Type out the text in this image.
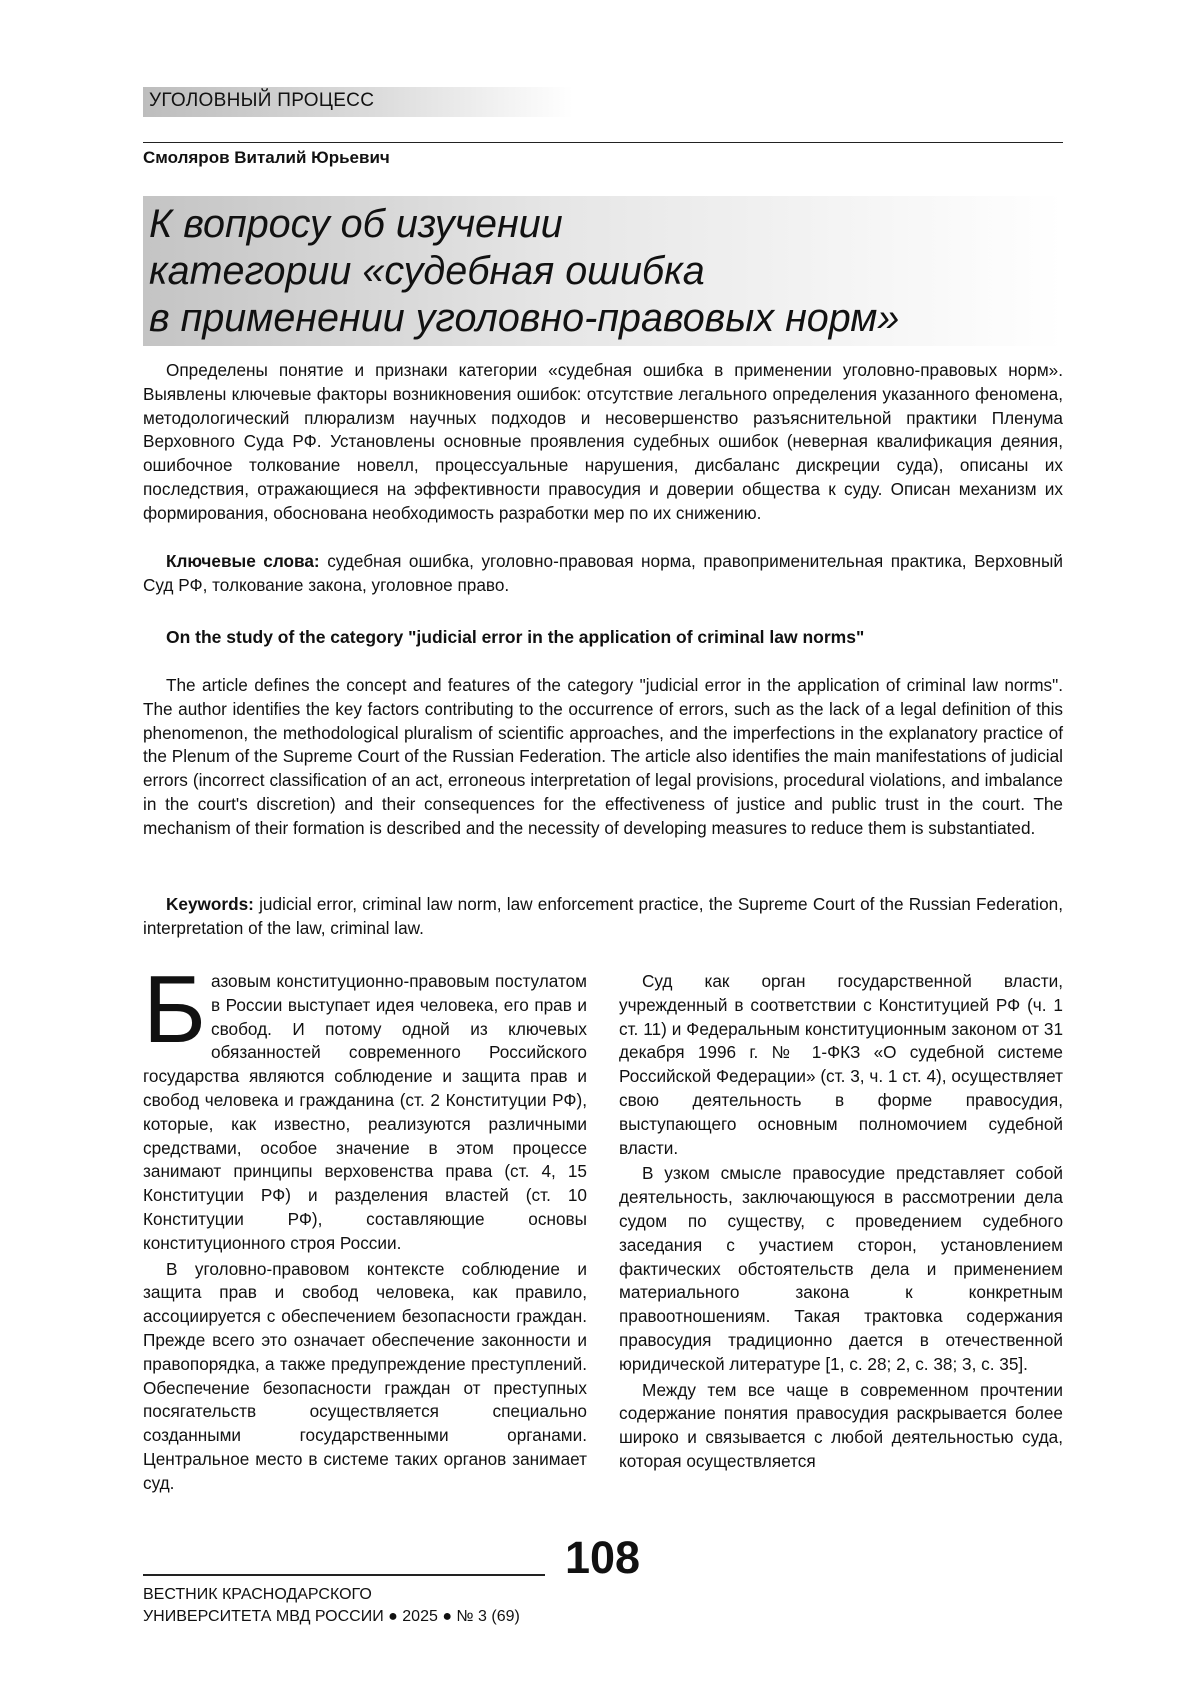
УГОЛОВНЫЙ ПРОЦЕСС
Смоляров Виталий Юрьевич
К вопросу об изучении
категории «судебная ошибка
в применении уголовно-правовых норм»

Определены понятие и признаки категории «судебная ошибка в применении уголовно-правовых норм». Выявлены ключевые факторы возникновения ошибок: отсутствие легального определения указанного феномена, методологический плюрализм научных подходов и несовершенство разъяснительной практики Пленума Верховного Суда РФ. Установлены основные проявления судебных ошибок (неверная квалификация деяния, ошибочное толкование новелл, процессуальные нарушения, дисбаланс дискреции суда), описаны их последствия, отражающиеся на эффективности правосудия и доверии общества к суду. Описан механизм их формирования, обоснована необходимость разработки мер по их снижению.

Ключевые слова: судебная ошибка, уголовно-правовая норма, правоприменительная практика, Верховный Суд РФ, толкование закона, уголовное право.

On the study of the category "judicial error in the application of criminal law norms"

The article defines the concept and features of the category "judicial error in the application of criminal law norms". The author identifies the key factors contributing to the occurrence of errors, such as the lack of a legal definition of this phenomenon, the methodological pluralism of scientific approaches, and the imperfections in the explanatory practice of the Plenum of the Supreme Court of the Russian Federation. The article also identifies the main manifestations of judicial errors (incorrect classification of an act, erroneous interpretation of legal provisions, procedural violations, and imbalance in the court's discretion) and their consequences for the effectiveness of justice and public trust in the court. The mechanism of their formation is described and the necessity of developing measures to reduce them is substantiated.

Keywords: judicial error, criminal law norm, law enforcement practice, the Supreme Court of the Russian Federation, interpretation of the law, criminal law.

Базовым конституционно-правовым постулатом в России выступает идея человека, его прав и свобод. И потому одной из ключевых обязанностей современного Российского государства являются соблюдение и защита прав и свобод человека и гражданина (ст. 2 Конституции РФ), которые, как известно, реализуются различными средствами, особое значение в этом процессе занимают принципы верховенства права (ст. 4, 15 Конституции РФ) и разделения властей (ст. 10 Конституции РФ), составляющие основы конституционного строя России.

В уголовно-правовом контексте соблюдение и защита прав и свобод человека, как правило, ассоциируется с обеспечением безопасности граждан. Прежде всего это означает обеспечение законности и правопорядка, а также предупреждение преступлений. Обеспечение безопасности граждан от преступных посягательств осуществляется специально созданными государственными органами. Центральное место в системе таких органов занимает суд.

Суд как орган государственной власти, учрежденный в соответствии с Конституцией РФ (ч. 1 ст. 11) и Федеральным конституционным законом от 31 декабря 1996 г. № 1-ФКЗ «О судебной системе Российской Федерации» (ст. 3, ч. 1 ст. 4), осуществляет свою деятельность в форме правосудия, выступающего основным полномочием судебной власти.

В узком смысле правосудие представляет собой деятельность, заключающуюся в рассмотрении дела судом по существу, с проведением судебного заседания с участием сторон, установлением фактических обстоятельств дела и применением материального закона к конкретным правоотношениям. Такая трактовка содержания правосудия традиционно дается в отечественной юридической литературе [1, с. 28; 2, с. 38; 3, с. 35].

Между тем все чаще в современном прочтении содержание понятия правосудия раскрывается более широко и связывается с любой деятельностью суда, которая осуществляется

108
ВЕСТНИК КРАСНОДАРСКОГО
УНИВЕРСИТЕТА МВД РОССИИ ● 2025 ● № 3 (69)
